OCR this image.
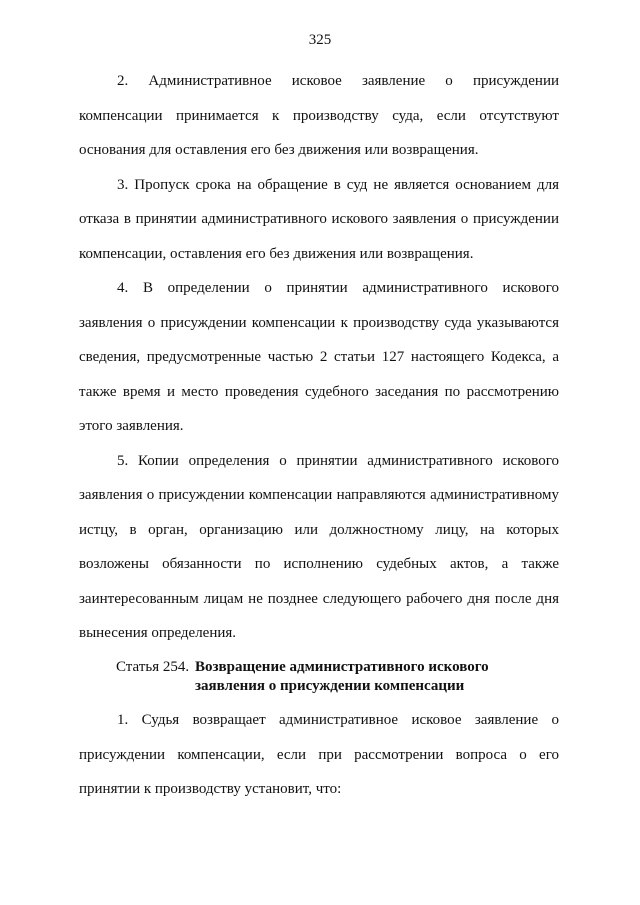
325

2. Административное исковое заявление о присуждении компенсации принимается к производству суда, если отсутствуют основания для оставления его без движения или возвращения.

3. Пропуск срока на обращение в суд не является основанием для отказа в принятии административного искового заявления о присуждении компенсации, оставления его без движения или возвращения.

4. В определении о принятии административного искового заявления о присуждении компенсации к производству суда указываются сведения, предусмотренные частью 2 статьи 127 настоящего Кодекса, а также время и место проведения судебного заседания по рассмотрению этого заявления.

5. Копии определения о принятии административного искового заявления о присуждении компенсации направляются административному истцу, в орган, организацию или должностному лицу, на которых возложены обязанности по исполнению судебных актов, а также заинтересованным лицам не позднее следующего рабочего дня после дня вынесения определения.

Статья 254. Возвращение административного искового заявления о присуждении компенсации

1. Судья возвращает административное исковое заявление о присуждении компенсации, если при рассмотрении вопроса о его принятии к производству установит, что:
